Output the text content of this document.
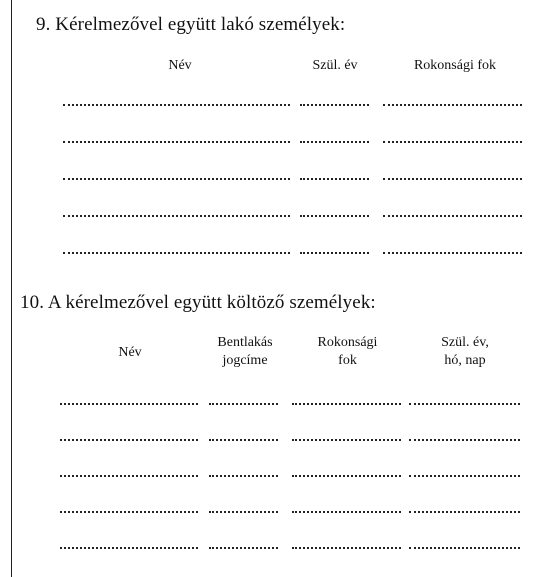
9. Kérelmezővel együtt lakó személyek:
Név	Szül. év	Rokonsági fok
10. A kérelmezővel együtt költöző személyek:
Név
Bentlakás
jogcíme
Rokonsági
fok
Szül. év,
hó, nap
